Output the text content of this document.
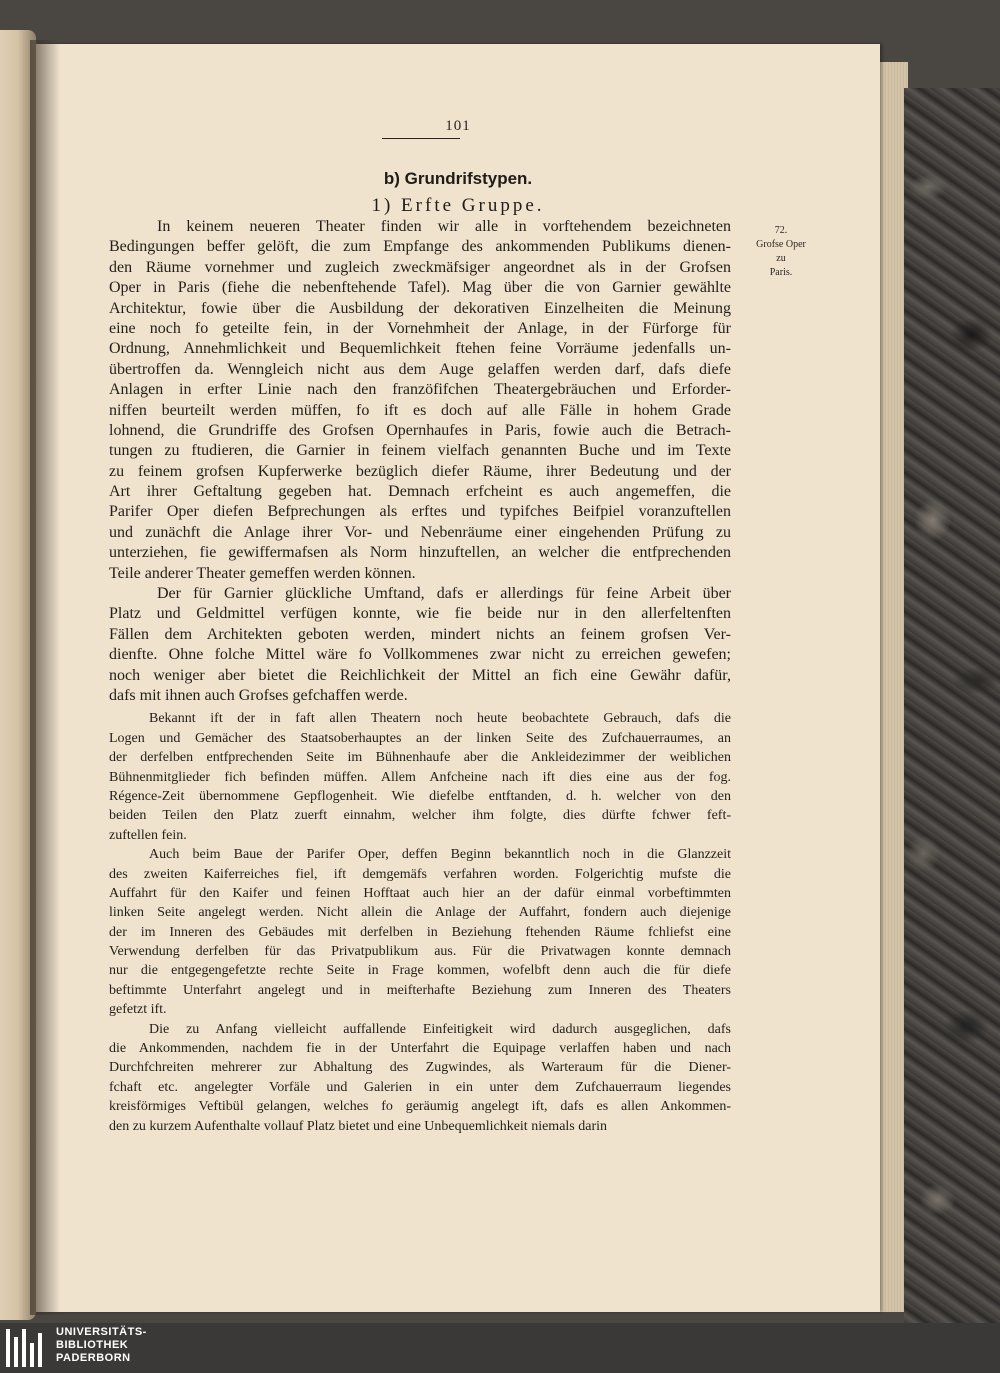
101
b) Grundrifstypen.
1) Erfte Gruppe.
72.
Grofse Oper
zu
Paris.
In keinem neueren Theater finden wir alle in vorftehendem bezeichneten
Bedingungen beffer gelöft, die zum Empfange des ankommenden Publikums dienen-
den Räume vornehmer und zugleich zweckmäfsiger angeordnet als in der Grofsen
Oper in Paris (fiehe die nebenftehende Tafel). Mag über die von Garnier gewählte
Architektur, fowie über die Ausbildung der dekorativen Einzelheiten die Meinung
eine noch fo geteilte fein, in der Vornehmheit der Anlage, in der Fürforge für
Ordnung, Annehmlichkeit und Bequemlichkeit ftehen feine Vorräume jedenfalls un-
übertroffen da. Wenngleich nicht aus dem Auge gelaffen werden darf, dafs diefe
Anlagen in erfter Linie nach den franzöfifchen Theatergebräuchen und Erforder-
niffen beurteilt werden müffen, fo ift es doch auf alle Fälle in hohem Grade
lohnend, die Grundriffe des Grofsen Opernhaufes in Paris, fowie auch die Betrach-
tungen zu ftudieren, die Garnier in feinem vielfach genannten Buche und im Texte
zu feinem grofsen Kupferwerke bezüglich diefer Räume, ihrer Bedeutung und der
Art ihrer Geftaltung gegeben hat. Demnach erfcheint es auch angemeffen, die
Parifer Oper diefen Befprechungen als erftes und typifches Beifpiel voranzuftellen
und zunächft die Anlage ihrer Vor- und Nebenräume einer eingehenden Prüfung zu
unterziehen, fie gewiffermafsen als Norm hinzuftellen, an welcher die entfprechenden
Teile anderer Theater gemeffen werden können.
Der für Garnier glückliche Umftand, dafs er allerdings für feine Arbeit über
Platz und Geldmittel verfügen konnte, wie fie beide nur in den allerfeltenften
Fällen dem Architekten geboten werden, mindert nichts an feinem grofsen Ver-
dienfte. Ohne folche Mittel wäre fo Vollkommenes zwar nicht zu erreichen gewefen;
noch weniger aber bietet die Reichlichkeit der Mittel an fich eine Gewähr dafür,
dafs mit ihnen auch Grofses gefchaffen werde.
Bekannt ift der in faft allen Theatern noch heute beobachtete Gebrauch, dafs die
Logen und Gemächer des Staatsoberhauptes an der linken Seite des Zufchauerraumes, an
der derfelben entfprechenden Seite im Bühnenhaufe aber die Ankleidezimmer der weiblichen
Bühnenmitglieder fich befinden müffen. Allem Anfcheine nach ift dies eine aus der fog.
Régence-Zeit übernommene Gepflogenheit. Wie diefelbe entftanden, d. h. welcher von den
beiden Teilen den Platz zuerft einnahm, welcher ihm folgte, dies dürfte fchwer feft-
zuftellen fein.
Auch beim Baue der Parifer Oper, deffen Beginn bekanntlich noch in die Glanzzeit
des zweiten Kaiferreiches fiel, ift demgemäfs verfahren worden. Folgerichtig mufste die
Auffahrt für den Kaifer und feinen Hofftaat auch hier an der dafür einmal vorbeftimmten
linken Seite angelegt werden. Nicht allein die Anlage der Auffahrt, fondern auch diejenige
der im Inneren des Gebäudes mit derfelben in Beziehung ftehenden Räume fchliefst eine
Verwendung derfelben für das Privatpublikum aus. Für die Privatwagen konnte demnach
nur die entgegengefetzte rechte Seite in Frage kommen, wofelbft denn auch die für diefe
beftimmte Unterfahrt angelegt und in meifterhafte Beziehung zum Inneren des Theaters
gefetzt ift.
Die zu Anfang vielleicht auffallende Einfeitigkeit wird dadurch ausgeglichen, dafs
die Ankommenden, nachdem fie in der Unterfahrt die Equipage verlaffen haben und nach
Durchfchreiten mehrerer zur Abhaltung des Zugwindes, als Warteraum für die Diener-
fchaft etc. angelegter Vorfäle und Galerien in ein unter dem Zufchauerraum liegendes
kreisförmiges Veftibül gelangen, welches fo geräumig angelegt ift, dafs es allen Ankommen-
den zu kurzem Aufenthalte vollauf Platz bietet und eine Unbequemlichkeit niemals darin
UNIVERSITÄTS-
BIBLIOTHEK
PADERBORN
